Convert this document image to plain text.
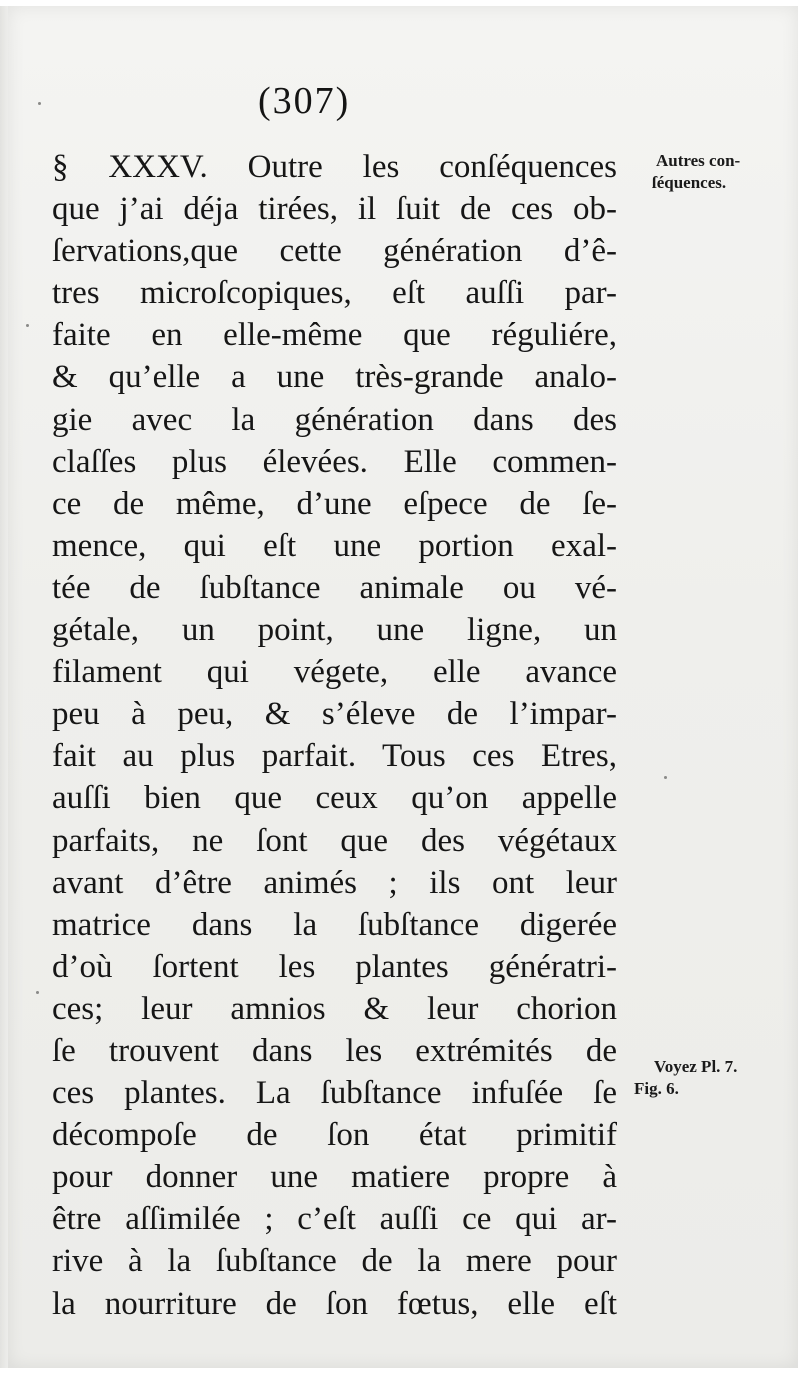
(307)
§ XXXV. Outre les conſéquences
que j’ai déja tirées, il ſuit de ces ob-
ſervations,que cette génération d’ê-
tres microſcopiques, eſt auſſi par-
faite en elle-même que réguliére,
& qu’elle a une très-grande analo-
gie avec la génération dans des
claſſes plus élevées. Elle commen-
ce de même, d’une eſpece de ſe-
mence, qui eſt une portion exal-
tée de ſubſtance animale ou vé-
gétale, un point, une ligne, un
filament qui végete, elle avance
peu à peu, & s’éleve de l’impar-
fait au plus parfait. Tous ces Etres,
auſſi bien que ceux qu’on appelle
parfaits, ne ſont que des végétaux
avant d’être animés ; ils ont leur
matrice dans la ſubſtance digerée
d’où ſortent les plantes génératri-
ces; leur amnios & leur chorion
ſe trouvent dans les extrémités de
ces plantes. La ſubſtance infuſée ſe
décompoſe de ſon état primitif
pour donner une matiere propre à
être aſſimilée ; c’eſt auſſi ce qui ar-
rive à la ſubſtance de la mere pour
la nourriture de ſon fœtus, elle eſt
Autres con-
ſéquences.
Voyez Pl. 7.
Fig. 6.
